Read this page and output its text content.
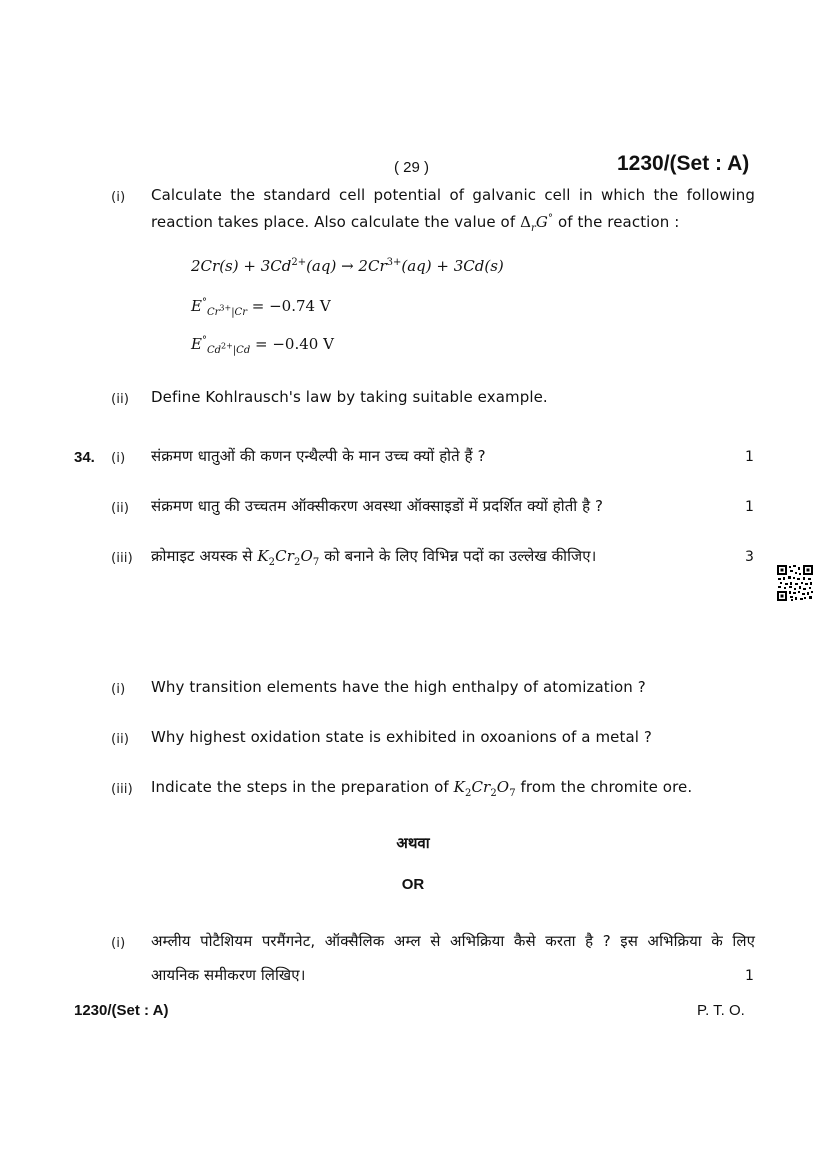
( 29 )	1230/(Set : A)
(i) Calculate the standard cell potential of galvanic cell in which the following
reaction takes place. Also calculate the value of $\Delta_rG^\circ$ of the reaction :
$2Cr(s) + 3Cd^{2+}(aq) \to 2Cr^{3+}(aq) + 3Cd(s)$
$E^\circ_{Cr^{3+}|Cr} = -0.74$ V
$E^\circ_{Cd^{2+}|Cd} = -0.40$ V
(ii) Define Kohlrausch's law by taking suitable example.
34. (i) संक्रमण धातुओं की कणन एन्थैल्पी के मान उच्च क्यों होते हैं ?	1
(ii) संक्रमण धातु की उच्चतम ऑक्सीकरण अवस्था ऑक्साइडों में प्रदर्शित क्यों होती है ?	1
(iii) क्रोमाइट अयस्क से $K_2Cr_2O_7$ को बनाने के लिए विभिन्न पदों का उल्लेख कीजिए।	3
(i) Why transition elements have the high enthalpy of atomization ?
(ii) Why highest oxidation state is exhibited in oxoanions of a metal ?
(iii) Indicate the steps in the preparation of $K_2Cr_2O_7$ from the chromite ore.
अथवा
OR
(i) अम्लीय पोटैशियम परमैंगनेट, ऑक्सैलिक अम्ल से अभिक्रिया कैसे करता है ? इस अभिक्रिया के लिए
आयनिक समीकरण लिखिए।	1
1230/(Set : A)	P. T. O.
